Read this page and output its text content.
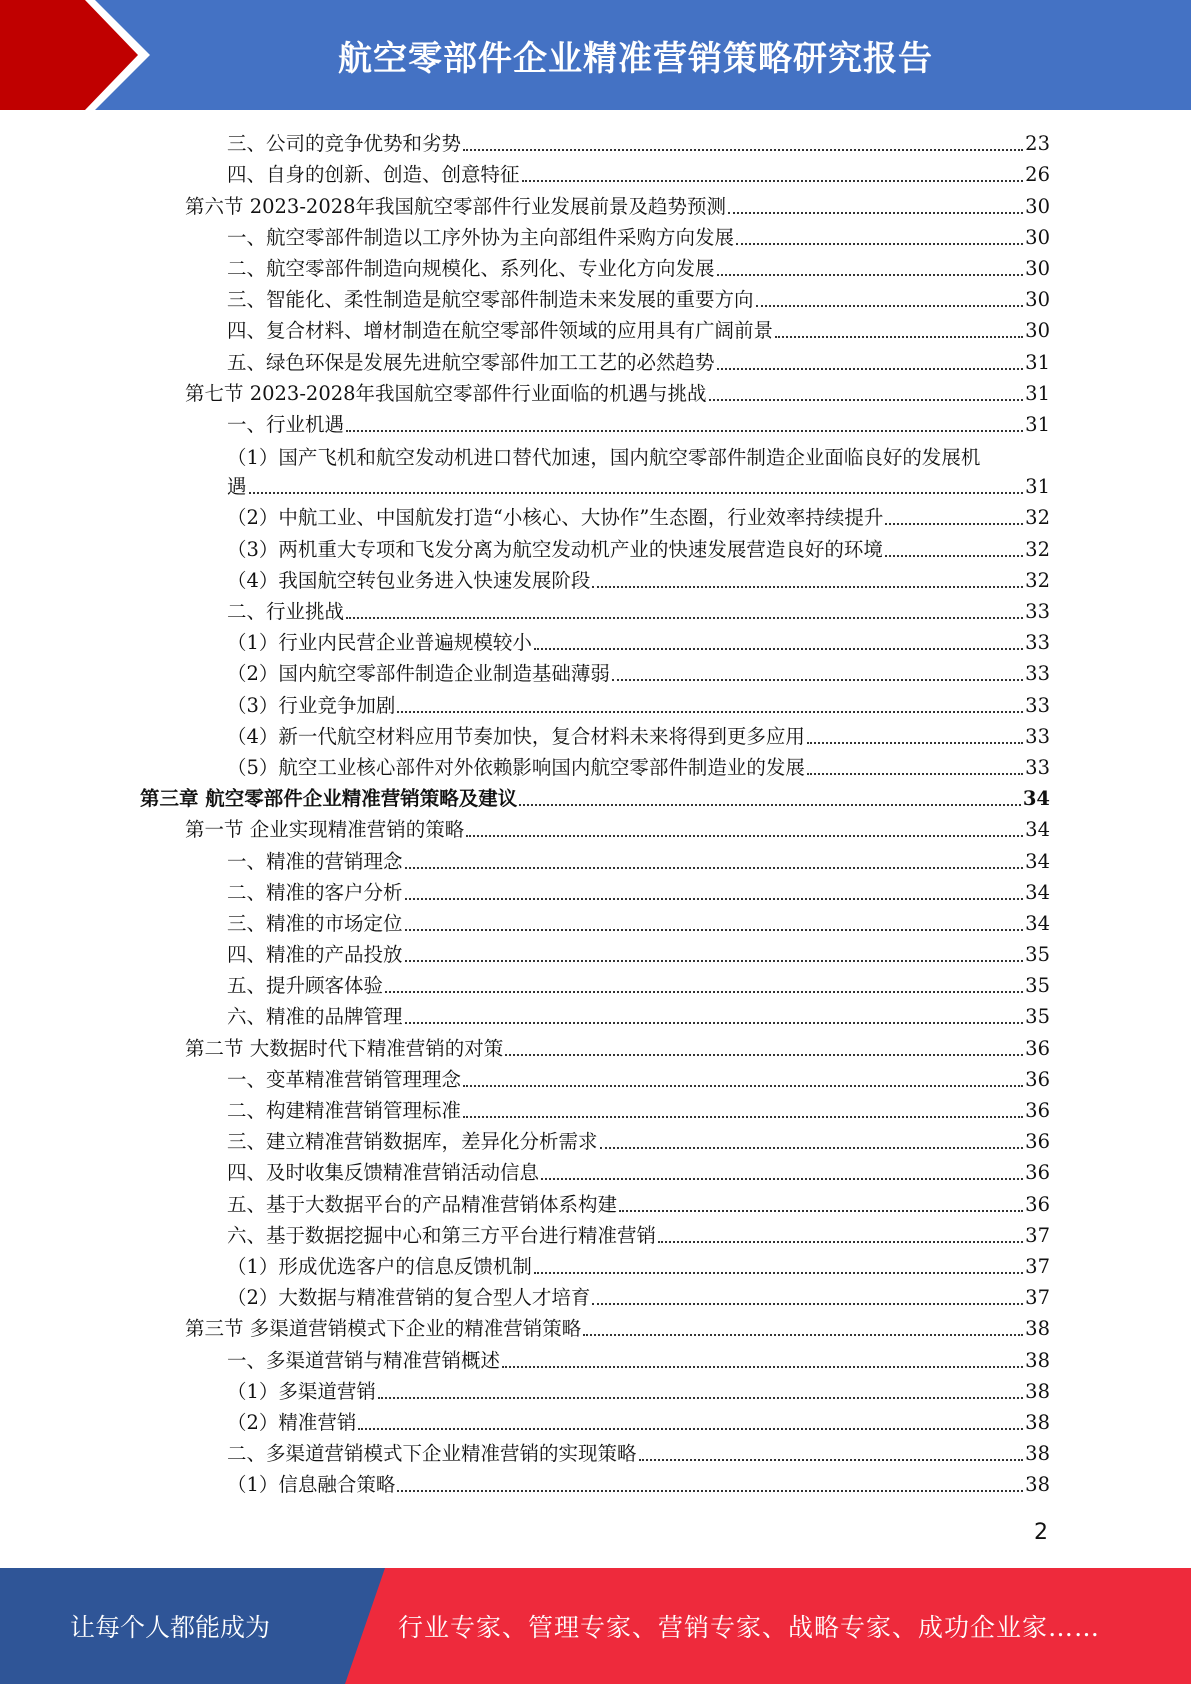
航空零部件企业精准营销策略研究报告
三、公司的竞争优势和劣势	23
四、自身的创新、创造、创意特征	26
第六节 2023-2028年我国航空零部件行业发展前景及趋势预测	30
一、航空零部件制造以工序外协为主向部组件采购方向发展	30
二、航空零部件制造向规模化、系列化、专业化方向发展	30
三、智能化、柔性制造是航空零部件制造未来发展的重要方向	30
四、复合材料、增材制造在航空零部件领域的应用具有广阔前景	30
五、绿色环保是发展先进航空零部件加工工艺的必然趋势	31
第七节 2023-2028年我国航空零部件行业面临的机遇与挑战	31
一、行业机遇	31
（1）国产飞机和航空发动机进口替代加速，国内航空零部件制造企业面临良好的发展机
遇	31
（2）中航工业、中国航发打造“小核心、大协作”生态圈，行业效率持续提升	32
（3）两机重大专项和飞发分离为航空发动机产业的快速发展营造良好的环境	32
（4）我国航空转包业务进入快速发展阶段	32
二、行业挑战	33
（1）行业内民营企业普遍规模较小	33
（2）国内航空零部件制造企业制造基础薄弱	33
（3）行业竞争加剧	33
（4）新一代航空材料应用节奏加快，复合材料未来将得到更多应用	33
（5）航空工业核心部件对外依赖影响国内航空零部件制造业的发展	33
第三章 航空零部件企业精准营销策略及建议	34
第一节 企业实现精准营销的策略	34
一、精准的营销理念	34
二、精准的客户分析	34
三、精准的市场定位	34
四、精准的产品投放	35
五、提升顾客体验	35
六、精准的品牌管理	35
第二节 大数据时代下精准营销的对策	36
一、变革精准营销管理理念	36
二、构建精准营销管理标准	36
三、建立精准营销数据库，差异化分析需求	36
四、及时收集反馈精准营销活动信息	36
五、基于大数据平台的产品精准营销体系构建	36
六、基于数据挖掘中心和第三方平台进行精准营销	37
（1）形成优选客户的信息反馈机制	37
（2）大数据与精准营销的复合型人才培育	37
第三节 多渠道营销模式下企业的精准营销策略	38
一、多渠道营销与精准营销概述	38
（1）多渠道营销	38
（2）精准营销	38
二、多渠道营销模式下企业精准营销的实现策略	38
（1）信息融合策略	38
2
让每个人都能成为	行业专家、管理专家、营销专家、战略专家、成功企业家……
